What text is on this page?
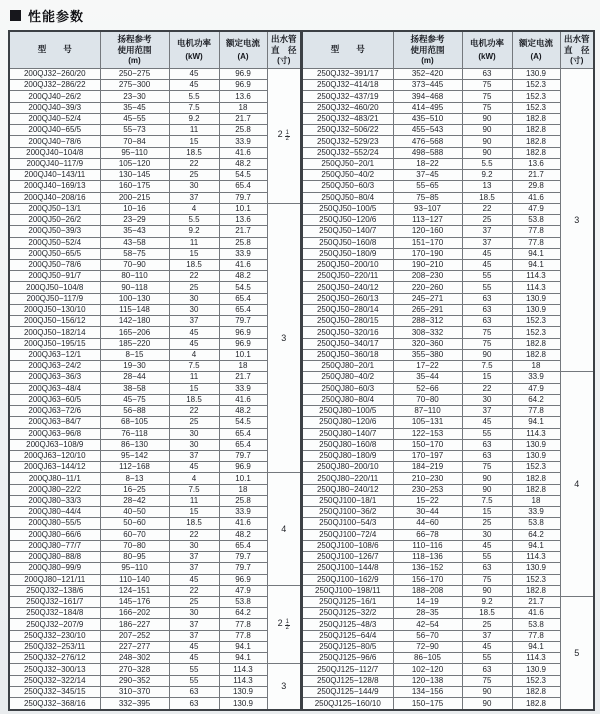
性能参数
型　　号

扬程参考
使用范围
(m)

电机功率
(kW)

额定电流
(A)

出水管
直　径
(寸)

200QJ32−260/20	250−275	45	96.9	$2 \frac{1}{2}$

200QJ32−286/22	275−300	45	96.9	
200QJ40−26/2	23−30	5.5	13.6	
200QJ40−39/3	35−45	7.5	18	
200QJ40−52/4	45−55	9.2	21.7	
200QJ40−65/5	55−73	11	25.8	
200QJ40−78/6	70−84	15	33.9	
200QJ40−104/8	95−110	18.5	41.6	
200QJ40−117/9	105−120	22	48.2	
200QJ40−143/11	130−145	25	54.5	
200QJ40−169/13	160−175	30	65.4	
200QJ40−208/16	200−215	37	79.7	
200QJ50−13/1	10−16	4	10.1	3
200QJ50−26/2	23−29	5.5	13.6	
200QJ50−39/3	35−43	9.2	21.7	
200QJ50−52/4	43−58	11	25.8	
200QJ50−65/5	58−75	15	33.9	
200QJ50−78/6	70−90	18.5	41.6	
200QJ50−91/7	80−110	22	48.2	
200QJ50−104/8	90−118	25	54.5	
200QJ50−117/9	100−130	30	65.4	
200QJ50−130/10	115−148	30	65.4	
200QJ50−156/12	142−180	37	79.7	
200QJ50−182/14	165−206	45	96.9	
200QJ50−195/15	185−220	45	96.9	
200QJ63−12/1	8−15	4	10.1	
200QJ63−24/2	19−30	7.5	18	
200QJ63−36/3	28−44	11	21.7	
200QJ63−48/4	38−58	15	33.9	
200QJ63−60/5	45−75	18.5	41.6	
200QJ63−72/6	56−88	22	48.2	
200QJ63−84/7	68−105	25	54.5	
200QJ63−96/8	76−118	30	65.4	
200QJ63−108/9	86−130	30	65.4	
200QJ63−120/10	95−142	37	79.7	
200QJ63−144/12	112−168	45	96.9	
200QJ80−11/1	8−13	4	10.1	4
200QJ80−22/2	16−25	7.5	18	
200QJ80−33/3	28−42	11	25.8	
200QJ80−44/4	40−50	15	33.9	
200QJ80−55/5	50−60	18.5	41.6	
200QJ80−66/6	60−70	22	48.2	
200QJ80−77/7	70−80	30	65.4	
200QJ80−88/8	80−95	37	79.7	
200QJ80−99/9	95−110	37	79.7	
200QJ80−121/11	110−140	45	96.9	
250QJ32−138/6	124−151	22	47.9	$2 \frac{1}{2}$

250QJ32−161/7	145−176	25	53.8	
250QJ32−184/8	166−202	30	64.2	
250QJ32−207/9	186−227	37	77.8	
250QJ32−230/10	207−252	37	77.8	
250QJ32−253/11	227−277	45	94.1	
250QJ32−276/12	248−302	45	94.1	
250QJ32−300/13	270−328	55	114.3	3
250QJ32−322/14	290−352	55	114.3	
250QJ32−345/15	310−370	63	130.9	
250QJ32−368/16	332−395	63	130.9	
型　　号

扬程参考
使用范围
(m)

电机功率
(kW)

额定电流
(A)

出水管
直　径
(寸)

250QJ32−391/17	352−420	63	130.9	3
250QJ32−414/18	373−445	75	152.3	
250QJ32−437/19	394−468	75	152.3	
250QJ32−460/20	414−495	75	152.3	
250QJ32−483/21	435−510	90	182.8	
250QJ32−506/22	455−543	90	182.8	
250QJ32−529/23	476−568	90	182.8	
250QJ32−552/24	498−588	90	182.8	
250QJ50−20/1	18−22	5.5	13.6	
250QJ50−40/2	37−45	9.2	21.7	
250QJ50−60/3	55−65	13	29.8	
250QJ50−80/4	75−85	18.5	41.6	
250QJ50−100/5	93−107	22	47.9	
250QJ50−120/6	113−127	25	53.8	
250QJ50−140/7	120−160	37	77.8	
250QJ50−160/8	151−170	37	77.8	
250QJ50−180/9	170−190	45	94.1	
250QJ50−200/10	190−210	45	94.1	
250QJ50−220/11	208−230	55	114.3	
250QJ50−240/12	220−260	55	114.3	
250QJ50−260/13	245−271	63	130.9	
250QJ50−280/14	265−291	63	130.9	
250QJ50−280/15	288−312	63	152.3	
250QJ50−320/16	308−332	75	152.3	
250QJ50−340/17	320−360	75	182.8	
250QJ50−360/18	355−380	90	182.8	
250QJ80−20/1	17−22	7.5	18	
250QJ80−40/2	35−44	15	33.9	4
250QJ80−60/3	52−66	22	47.9	
250QJ80−80/4	70−80	30	64.2	
250QJ80−100/5	87−110	37	77.8	
250QJ80−120/6	105−131	45	94.1	
250QJ80−140/7	122−153	55	114.3	
250QJ80−160/8	150−170	63	130.9	
250QJ80−180/9	170−197	63	130.9	
250QJ80−200/10	184−219	75	152.3	
250QJ80−220/11	210−230	90	182.8	
250QJ80−240/12	230−253	90	182.8	
250QJ100−18/1	15−22	7.5	18	
250QJ100−36/2	30−44	15	33.9	
250QJ100−54/3	44−60	25	53.8	
250QJ100−72/4	66−78	30	64.2	
250QJ100−108/6	110−116	45	94.1	
250QJ100−126/7	118−136	55	114.3	
250QJ100−144/8	136−152	63	130.9	
250QJ100−162/9	156−170	75	152.3	
250QJ100−198/11	188−208	90	182.8	
250QJ125−16/1	14−19	9.2	21.7	5
250QJ125−32/2	28−35	18.5	41.6	
250QJ125−48/3	42−54	25	53.8	
250QJ125−64/4	56−70	37	77.8	
250QJ125−80/5	72−90	45	94.1	
250QJ125−96/6	86−105	55	114.3	
250QJ125−112/7	102−120	63	130.9	
250QJ125−128/8	120−138	75	152.3	
250QJ125−144/9	134−156	90	182.8	
250QJ125−160/10	150−175	90	182.8	
